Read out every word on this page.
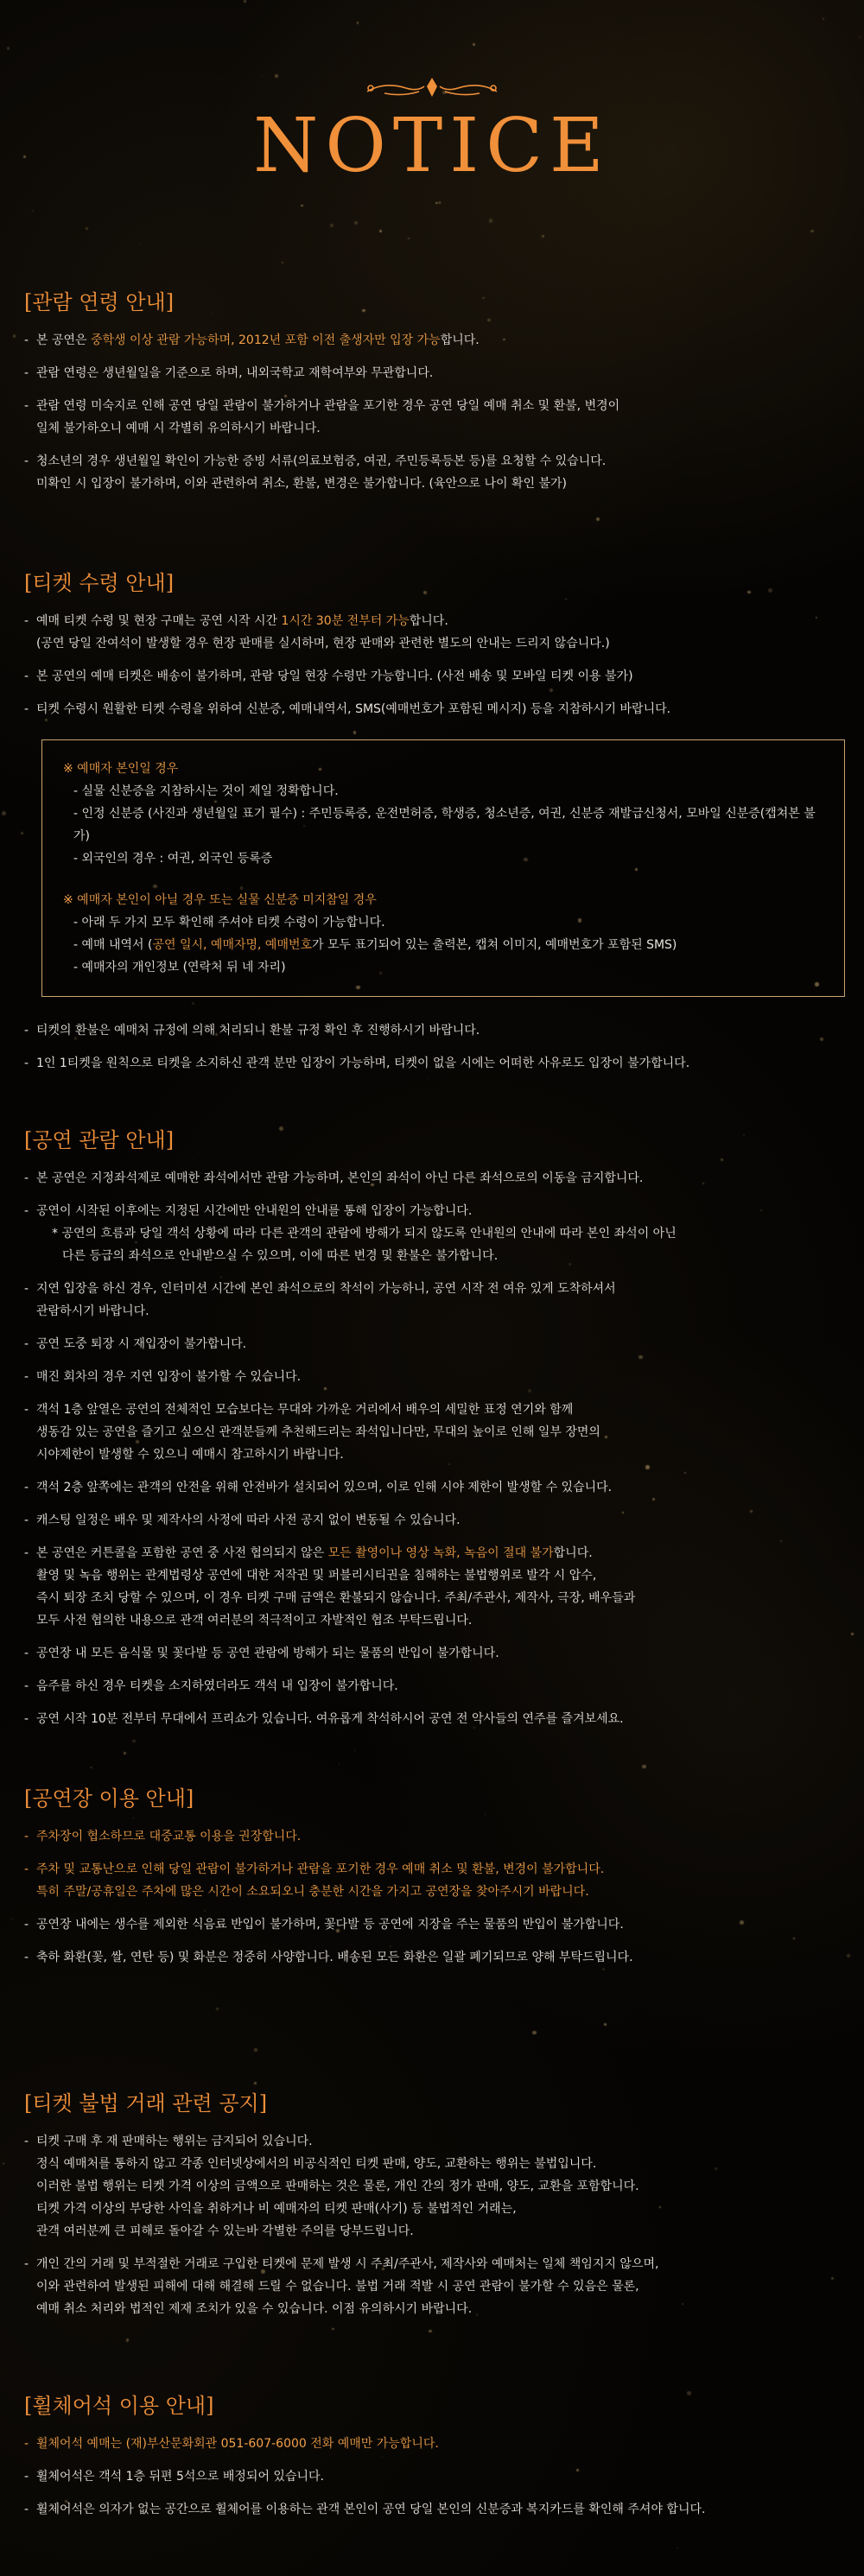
NOTICE
[관람 연령 안내]
- 본 공연은 중학생 이상 관람 가능하며, 2012년 포함 이전 출생자만 입장 가능합니다.
- 관람 연령은 생년월일을 기준으로 하며, 내외국학교 재학여부와 무관합니다.
- 관람 연령 미숙지로 인해 공연 당일 관람이 불가하거나 관람을 포기한 경우 공연 당일 예매 취소 및 환불, 변경이
일체 불가하오니 예매 시 각별히 유의하시기 바랍니다.
- 청소년의 경우 생년월일 확인이 가능한 증빙 서류(의료보험증, 여권, 주민등록등본 등)를 요청할 수 있습니다.
미확인 시 입장이 불가하며, 이와 관련하여 취소, 환불, 변경은 불가합니다. (육안으로 나이 확인 불가)
[티켓 수령 안내]
- 예매 티켓 수령 및 현장 구매는 공연 시작 시간 1시간 30분 전부터 가능합니다.
(공연 당일 잔여석이 발생할 경우 현장 판매를 실시하며, 현장 판매와 관련한 별도의 안내는 드리지 않습니다.)
- 본 공연의 예매 티켓은 배송이 불가하며, 관람 당일 현장 수령만 가능합니다. (사전 배송 및 모바일 티켓 이용 불가)
- 티켓 수령시 원활한 티켓 수령을 위하여 신분증, 예매내역서, SMS(예매번호가 포함된 메시지) 등을 지참하시기 바랍니다.
※ 예매자 본인일 경우
- 실물 신분증을 지참하시는 것이 제일 정확합니다.
- 인정 신분증 (사진과 생년월일 표기 필수) : 주민등록증, 운전면허증, 학생증, 청소년증, 여권, 신분증 재발급신청서, 모바일 신분증(캡쳐본 불가)
- 외국인의 경우 : 여권, 외국인 등록증
※ 예매자 본인이 아닐 경우 또는 실물 신분증 미지참일 경우
- 아래 두 가지 모두 확인해 주셔야 티켓 수령이 가능합니다.
- 예매 내역서 (공연 일시, 예매자명, 예매번호가 모두 표기되어 있는 출력본, 캡쳐 이미지, 예매번호가 포함된 SMS)
- 예매자의 개인정보 (연락처 뒤 네 자리)
- 티켓의 환불은 예매처 규정에 의해 처리되니 환불 규정 확인 후 진행하시기 바랍니다.
- 1인 1티켓을 원칙으로 티켓을 소지하신 관객 분만 입장이 가능하며, 티켓이 없을 시에는 어떠한 사유로도 입장이 불가합니다.
[공연 관람 안내]
- 본 공연은 지정좌석제로 예매한 좌석에서만 관람 가능하며, 본인의 좌석이 아닌 다른 좌석으로의 이동을 금지합니다.
- 공연이 시작된 이후에는 지정된 시간에만 안내원의 안내를 통해 입장이 가능합니다.
* 공연의 흐름과 당일 객석 상황에 따라 다른 관객의 관람에 방해가 되지 않도록 안내원의 안내에 따라 본인 좌석이 아닌
다른 등급의 좌석으로 안내받으실 수 있으며, 이에 따른 변경 및 환불은 불가합니다.
- 지연 입장을 하신 경우, 인터미션 시간에 본인 좌석으로의 착석이 가능하니, 공연 시작 전 여유 있게 도착하셔서
관람하시기 바랍니다.
- 공연 도중 퇴장 시 재입장이 불가합니다.
- 매진 회차의 경우 지연 입장이 불가할 수 있습니다.
- 객석 1층 앞열은 공연의 전체적인 모습보다는 무대와 가까운 거리에서 배우의 세밀한 표정 연기와 함께
생동감 있는 공연을 즐기고 싶으신 관객분들께 추천해드리는 좌석입니다만, 무대의 높이로 인해 일부 장면의
시야제한이 발생할 수 있으니 예매시 참고하시기 바랍니다.
- 객석 2층 앞쪽에는 관객의 안전을 위해 안전바가 설치되어 있으며, 이로 인해 시야 제한이 발생할 수 있습니다.
- 캐스팅 일정은 배우 및 제작사의 사정에 따라 사전 공지 없이 변동될 수 있습니다.
- 본 공연은 커튼콜을 포함한 공연 중 사전 협의되지 않은 모든 촬영이나 영상 녹화, 녹음이 절대 불가합니다.
촬영 및 녹음 행위는 관계법령상 공연에 대한 저작권 및 퍼블리시티권을 침해하는 불법행위로 발각 시 압수,
즉시 퇴장 조치 당할 수 있으며, 이 경우 티켓 구매 금액은 환불되지 않습니다. 주최/주관사, 제작사, 극장, 배우들과
모두 사전 협의한 내용으로 관객 여러분의 적극적이고 자발적인 협조 부탁드립니다.
- 공연장 내 모든 음식물 및 꽃다발 등 공연 관람에 방해가 되는 물품의 반입이 불가합니다.
- 음주를 하신 경우 티켓을 소지하였더라도 객석 내 입장이 불가합니다.
- 공연 시작 10분 전부터 무대에서 프리쇼가 있습니다. 여유롭게 착석하시어 공연 전 악사들의 연주를 즐겨보세요.
[공연장 이용 안내]
- 주차장이 협소하므로 대중교통 이용을 권장합니다.
- 주차 및 교통난으로 인해 당일 관람이 불가하거나 관람을 포기한 경우 예매 취소 및 환불, 변경이 불가합니다.
특히 주말/공휴일은 주차에 많은 시간이 소요되오니 충분한 시간을 가지고 공연장을 찾아주시기 바랍니다.
- 공연장 내에는 생수를 제외한 식음료 반입이 불가하며, 꽃다발 등 공연에 지장을 주는 물품의 반입이 불가합니다.
- 축하 화환(꽃, 쌀, 연탄 등) 및 화분은 정중히 사양합니다. 배송된 모든 화환은 일괄 폐기되므로 양해 부탁드립니다.
[티켓 불법 거래 관련 공지]
- 티켓 구매 후 재 판매하는 행위는 금지되어 있습니다.
정식 예매처를 통하지 않고 각종 인터넷상에서의 비공식적인 티켓 판매, 양도, 교환하는 행위는 불법입니다.
이러한 불법 행위는 티켓 가격 이상의 금액으로 판매하는 것은 물론, 개인 간의 정가 판매, 양도, 교환을 포함합니다.
티켓 가격 이상의 부당한 사익을 취하거나 비 예매자의 티켓 판매(사기) 등 불법적인 거래는,
관객 여러분께 큰 피해로 돌아갈 수 있는바 각별한 주의를 당부드립니다.
- 개인 간의 거래 및 부적절한 거래로 구입한 티켓에 문제 발생 시 주최/주관사, 제작사와 예매처는 일체 책임지지 않으며,
이와 관련하여 발생된 피해에 대해 해결해 드릴 수 없습니다. 불법 거래 적발 시 공연 관람이 불가할 수 있음은 물론,
예매 취소 처리와 법적인 제재 조치가 있을 수 있습니다. 이점 유의하시기 바랍니다.
[휠체어석 이용 안내]
- 휠체어석 예매는 (재)부산문화회관 051-607-6000 전화 예매만 가능합니다.
- 휠체어석은 객석 1층 뒤편 5석으로 배정되어 있습니다.
- 휠체어석은 의자가 없는 공간으로 휠체어를 이용하는 관객 본인이 공연 당일 본인의 신분증과 복지카드를 확인해 주셔야 합니다.
